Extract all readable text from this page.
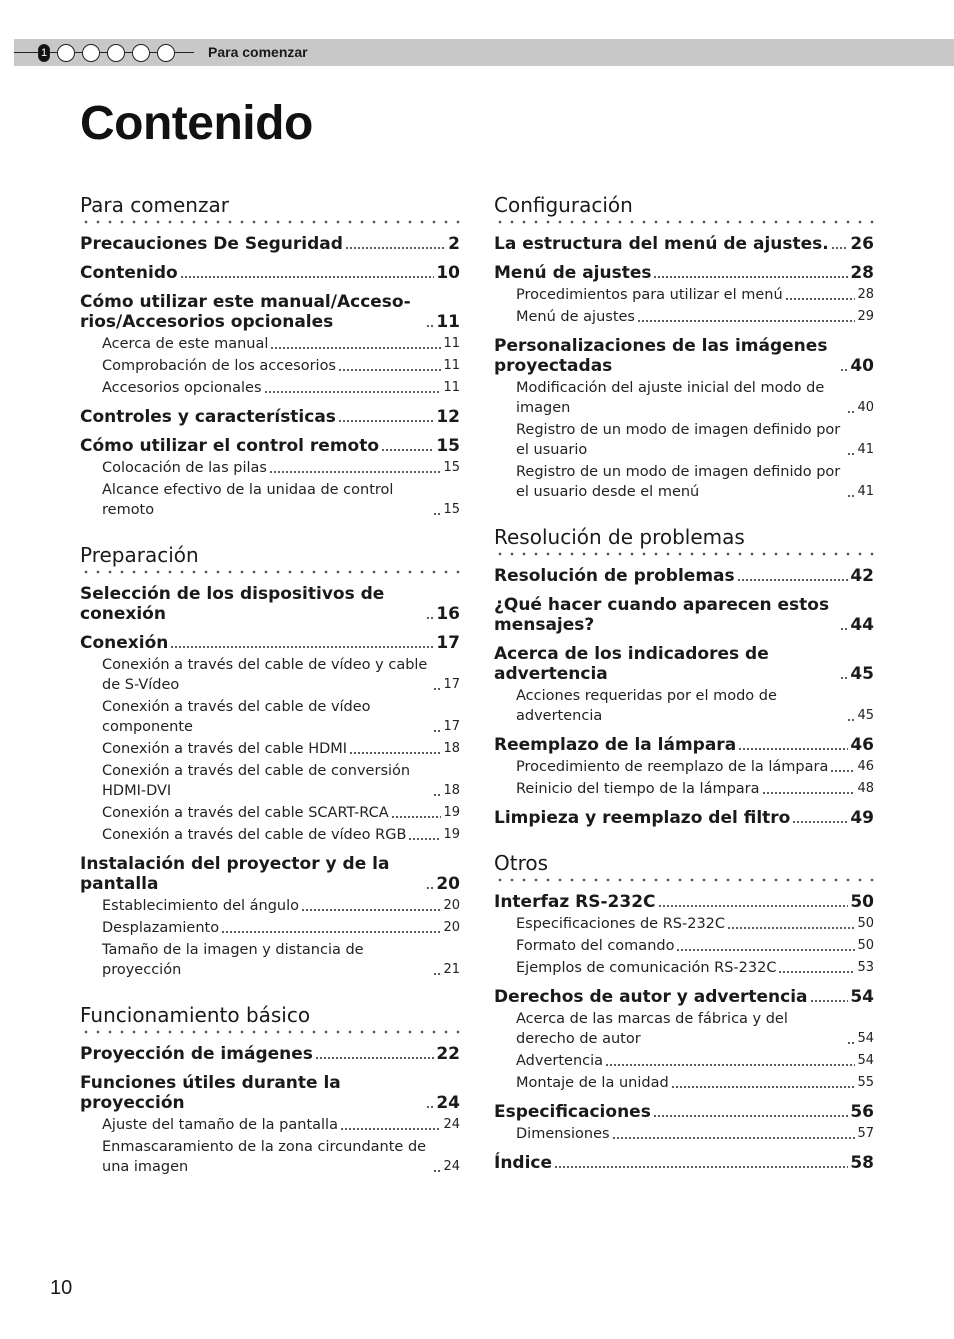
1	Para comenzar
Contenido
Para comenzar
Precauciones De Seguridad	2
Contenido	10
Cómo utilizar este manual/Acceso-rios/Accesorios opcionales	11
Acerca de este manual	11
Comprobación de los accesorios	11
Accesorios opcionales	11
Controles y características	12
Cómo utilizar el control remoto	15
Colocación de las pilas	15
Alcance efectivo de la unidaa de control remoto	15
Preparación
Selección de los dispositivos de conexión	16
Conexión	17
Conexión a través del cable de vídeo y cable de S-Vídeo	17
Conexión a través del cable de vídeo componente	17
Conexión a través del cable HDMI	18
Conexión a través del cable de conversión HDMI-DVI	18
Conexión a través del cable SCART-RCA	19
Conexión a través del cable de vídeo RGB	19
Instalación del proyector y de la pantalla	20
Establecimiento del ángulo	20
Desplazamiento	20
Tamaño de la imagen y distancia de proyección	21
Funcionamiento básico
Proyección de imágenes	22
Funciones útiles durante la proyección	24
Ajuste del tamaño de la pantalla	24
Enmascaramiento de la zona circundante de una imagen	24
Configuración
La estructura del menú de ajustes. 26
Menú de ajustes	28
Procedimientos para utilizar el menú	28
Menú de ajustes	29
Personalizaciones de las imágenes proyectadas	40
Modificación del ajuste inicial del modo de imagen	40
Registro de un modo de imagen definido por el usuario	41
Registro de un modo de imagen definido por el usuario desde el menú	41
Resolución de problemas
Resolución de problemas	42
¿Qué hacer cuando aparecen estos mensajes?	44
Acerca de los indicadores de advertencia	45
Acciones requeridas por el modo de advertencia	45
Reemplazo de la lámpara	46
Procedimiento de reemplazo de la lámpara 46
Reinicio del tiempo de la lámpara	48
Limpieza y reemplazo del filtro	49
Otros
Interfaz RS-232C	50
Especificaciones de RS-232C	50
Formato del comando	50
Ejemplos de comunicación RS-232C	53
Derechos de autor y advertencia	54
Acerca de las marcas de fábrica y del derecho de autor	54
Advertencia	54
Montaje de la unidad	55
Especificaciones	56
Dimensiones	57
Índice	58
10
